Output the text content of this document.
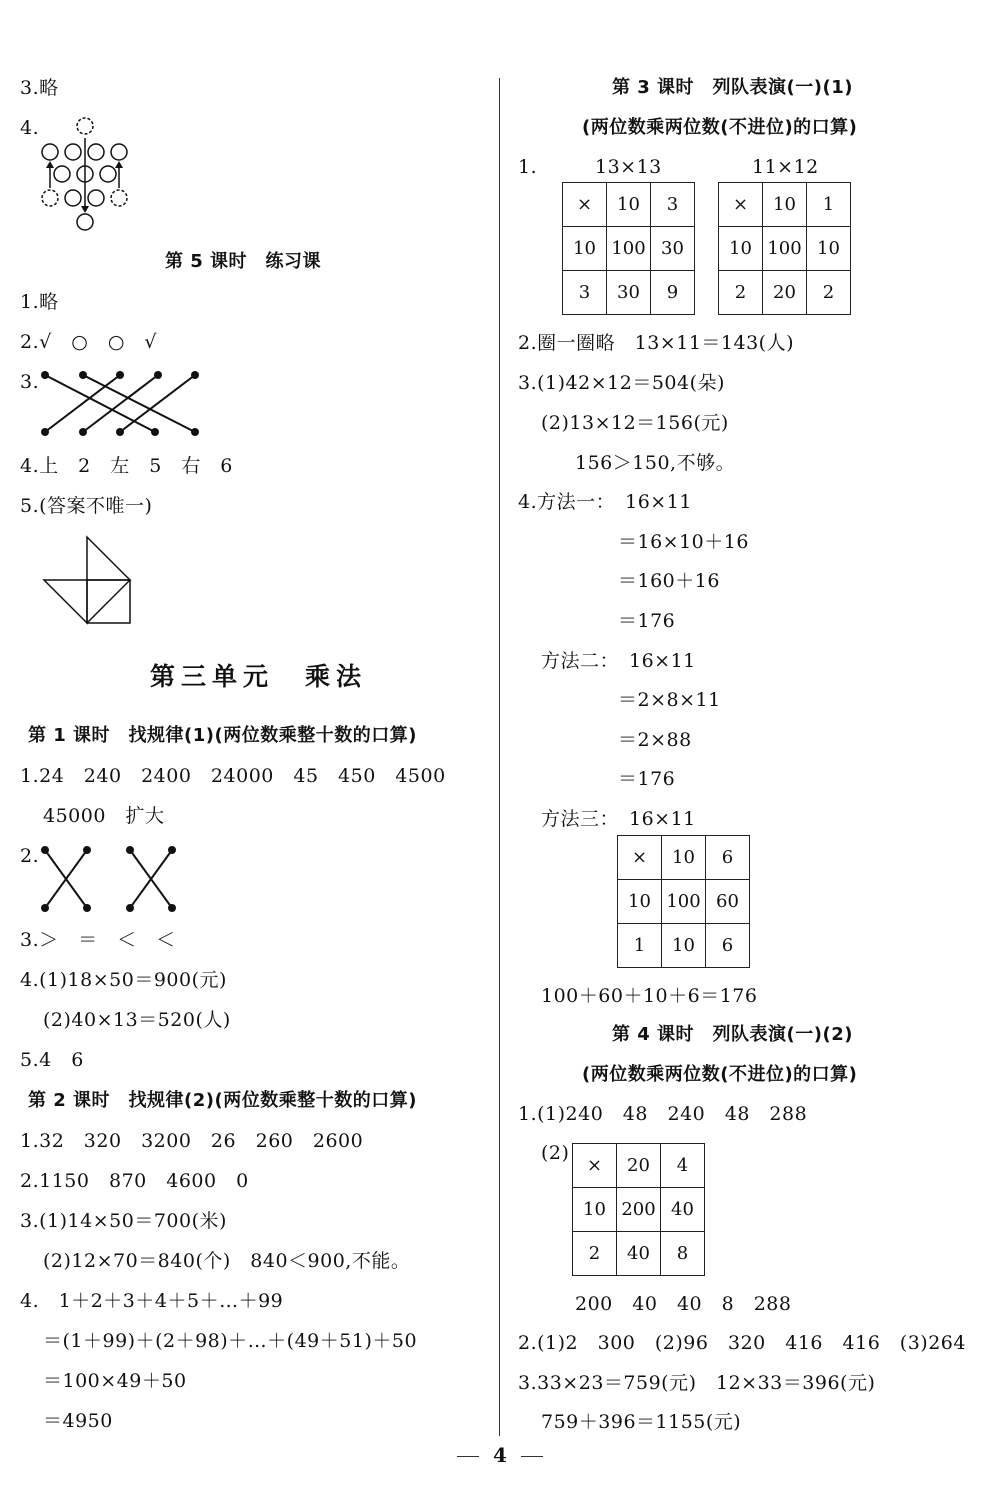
3.略
4.
第 5 课时　练习课
1.略
2.√　○　○　√
3.
4.上　2　左　5　右　6
5.(答案不唯一)
第三单元　乘法
第 1 课时　找规律(1)(两位数乘整十数的口算)
1.24　240　2400　24000　45　450　4500
45000　扩大
2.
3.＞　＝　＜　＜
4.(1)18×50＝900(元)
(2)40×13＝520(人)
5.4　6
第 2 课时　找规律(2)(两位数乘整十数的口算)
1.32　320　3200　26　260　2600
2.1150　870　4600　0
3.(1)14×50＝700(米)
(2)12×70＝840(个)　840＜900,不能。
4.　1＋2＋3＋4＋5＋…＋99
＝(1＋99)＋(2＋98)＋…＋(49＋51)＋50
＝100×49＋50
＝4950
第 3 课时　列队表演(一)(1)
(两位数乘两位数(不进位)的口算)
1.	13×13	11×12
×	10	3
10	100	30
3	30	9
×	10	1
10	100	10
2	20	2
2.圈一圈略　13×11＝143(人)
3.(1)42×12＝504(朵)
(2)13×12＝156(元)
156＞150,不够。
4.方法一：　16×11
＝16×10＋16
＝160＋16
＝176
方法二：　16×11
＝2×8×11
＝2×88
＝176
方法三：　16×11
×	10	6
10	100	60
1	10	6
100＋60＋10＋6＝176
第 4 课时　列队表演(一)(2)
(两位数乘两位数(不进位)的口算)
1.(1)240　48　240　48　288
(2)
×	20	4
10	200	40
2	40	8
200　40　40　8　288
2.(1)2　300　(2)96　320　416　416　(3)264
3.33×23＝759(元)　12×33＝396(元)
759＋396＝1155(元)
4
